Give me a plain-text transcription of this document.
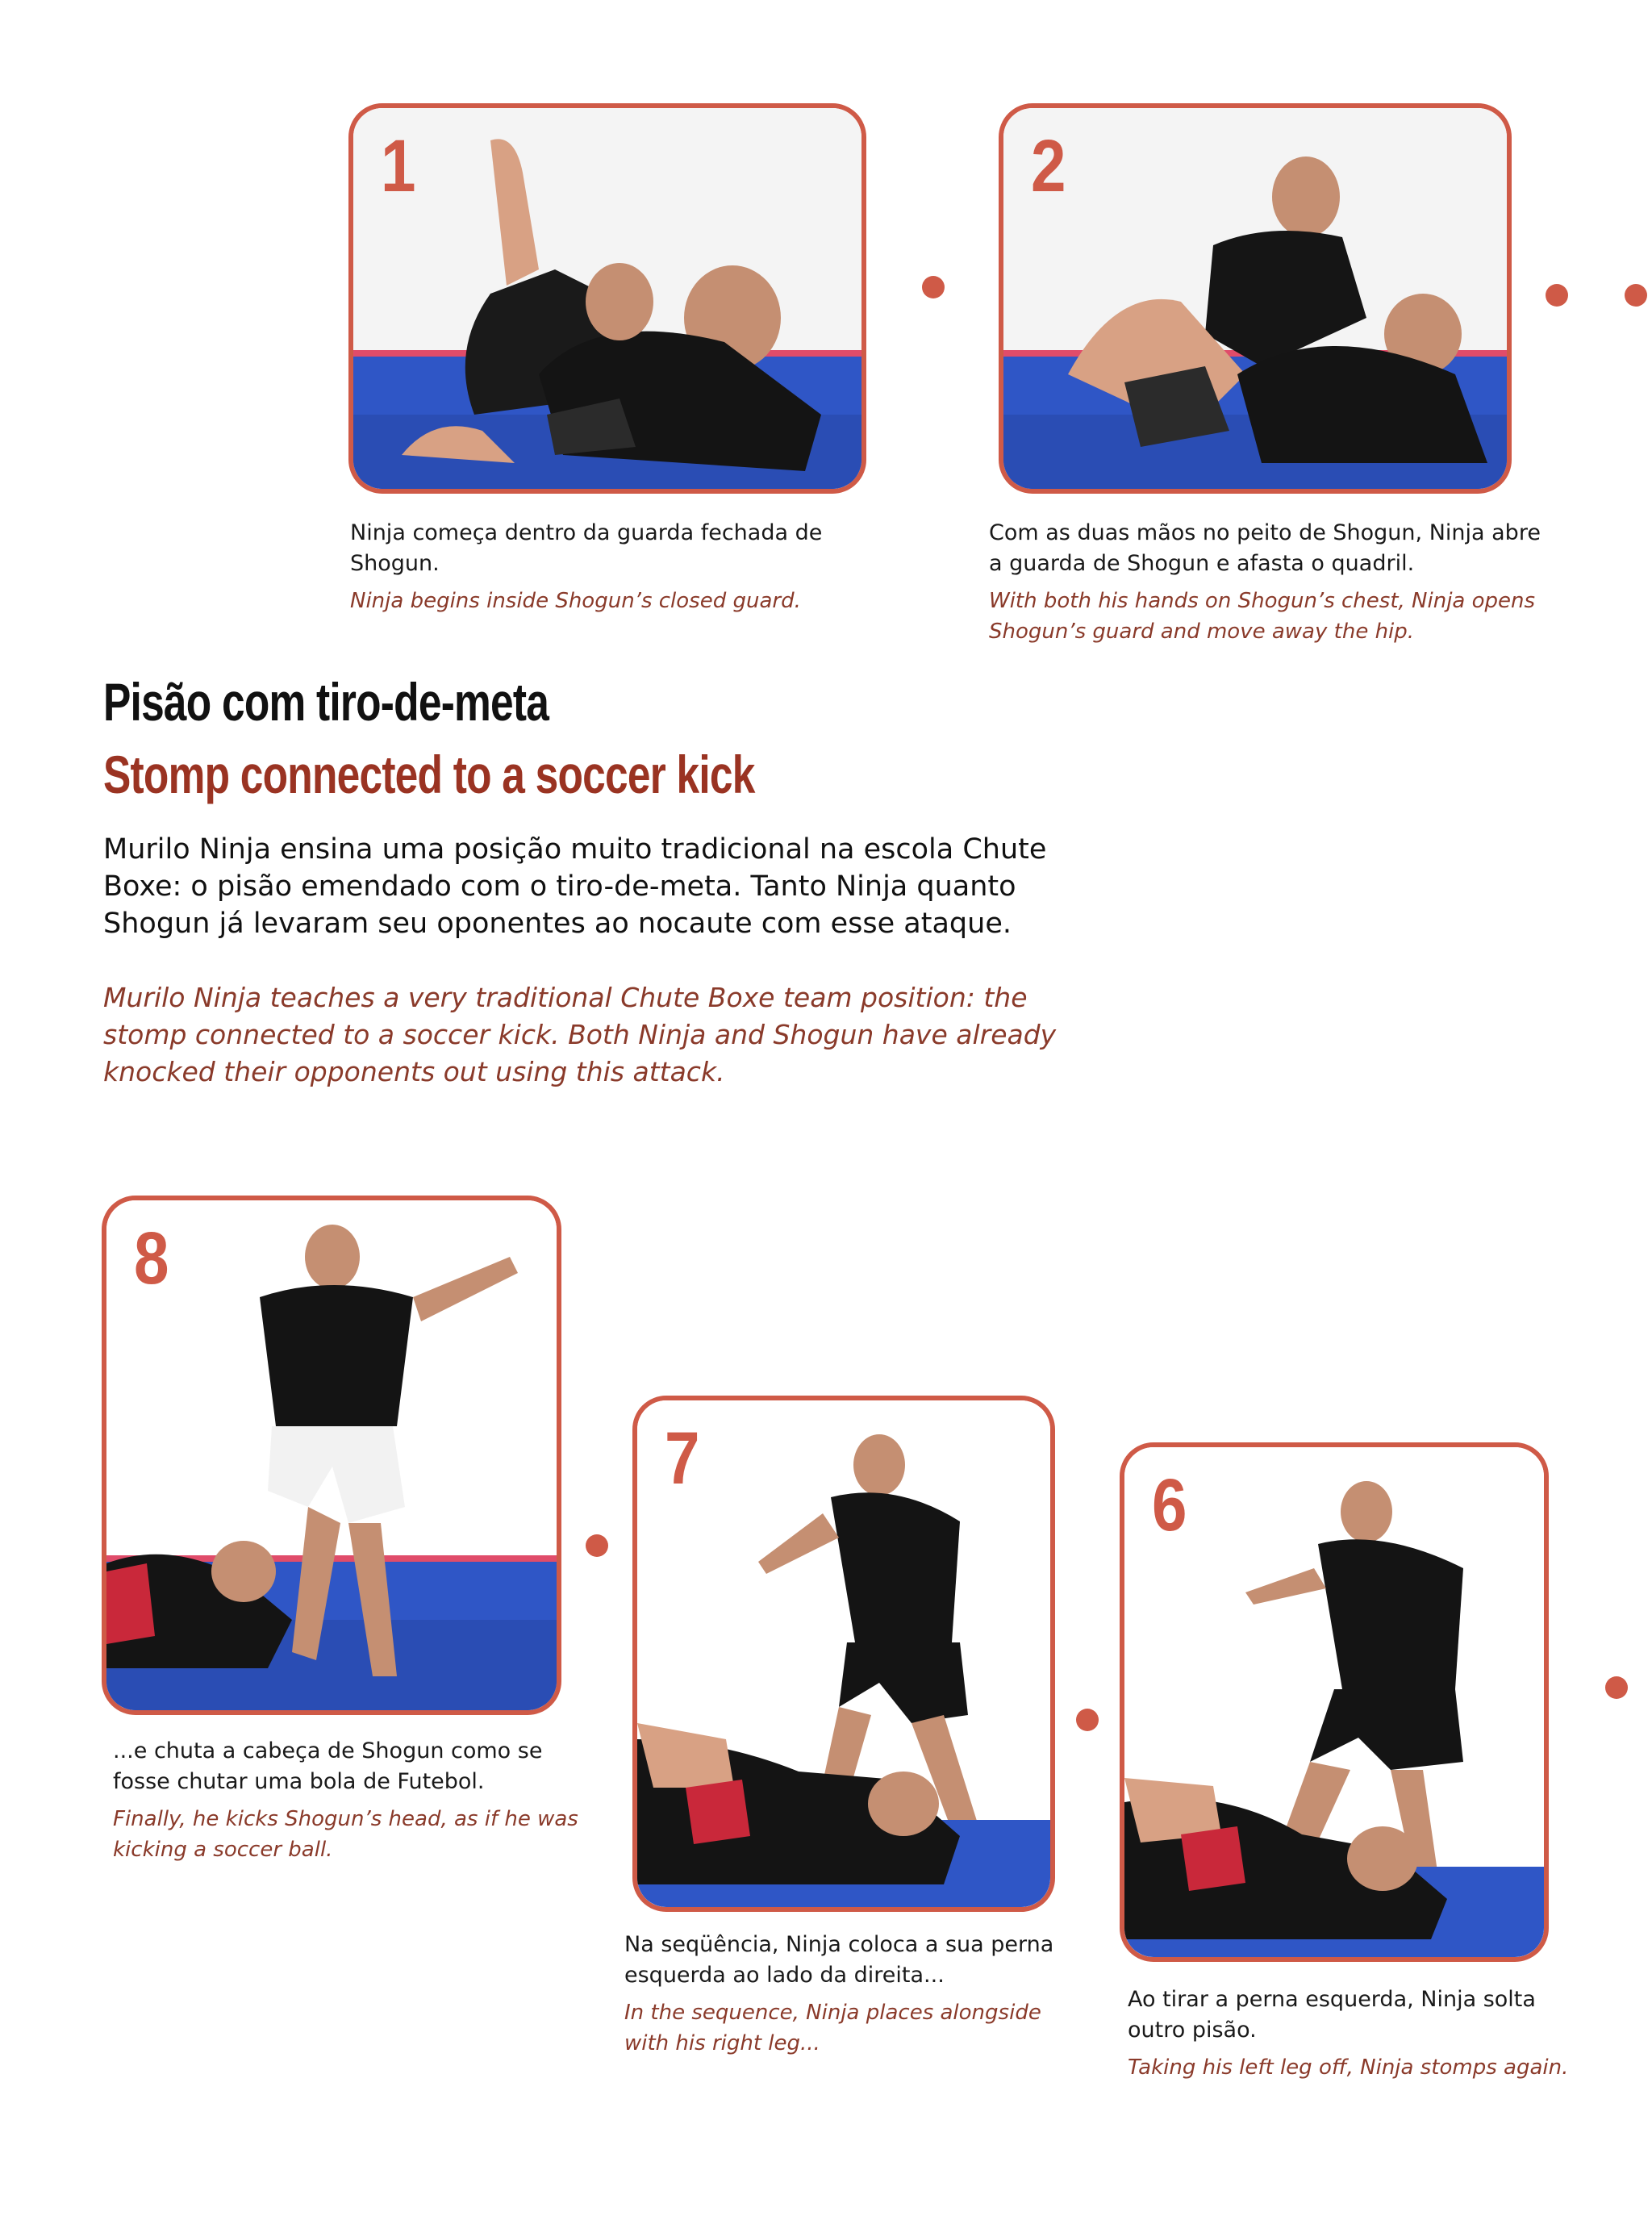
1	2

Ninja começa dentro da guarda fechada de Shogun.

Ninja begins inside Shogun’s closed guard.

Com as duas mãos no peito de Shogun, Ninja abre a guarda de Shogun e afasta o quadril.

With both his hands on Shogun’s chest, Ninja opens Shogun’s guard and move away the hip.

Pisão com tiro-de-meta
Stomp connected to a soccer kick

Murilo Ninja ensina uma posição muito tradicional na escola Chute Boxe: o pisão emendado com o tiro-de-meta. Tanto Ninja quanto Shogun já levaram seu oponentes ao nocaute com esse ataque.

Murilo Ninja teaches a very traditional Chute Boxe team position: the stomp connected to a soccer kick. Both Ninja and Shogun have already knocked their opponents out using this attack.

8
7
6

...e chuta a cabeça de Shogun como se fosse chutar uma bola de Futebol.

Finally, he kicks Shogun’s head, as if he was kicking a soccer ball.

Na seqüência, Ninja coloca a sua perna esquerda ao lado da direita...

In the sequence, Ninja places alongside with his right leg...

Ao tirar a perna esquerda, Ninja solta outro pisão.

Taking his left leg off, Ninja stomps again.
